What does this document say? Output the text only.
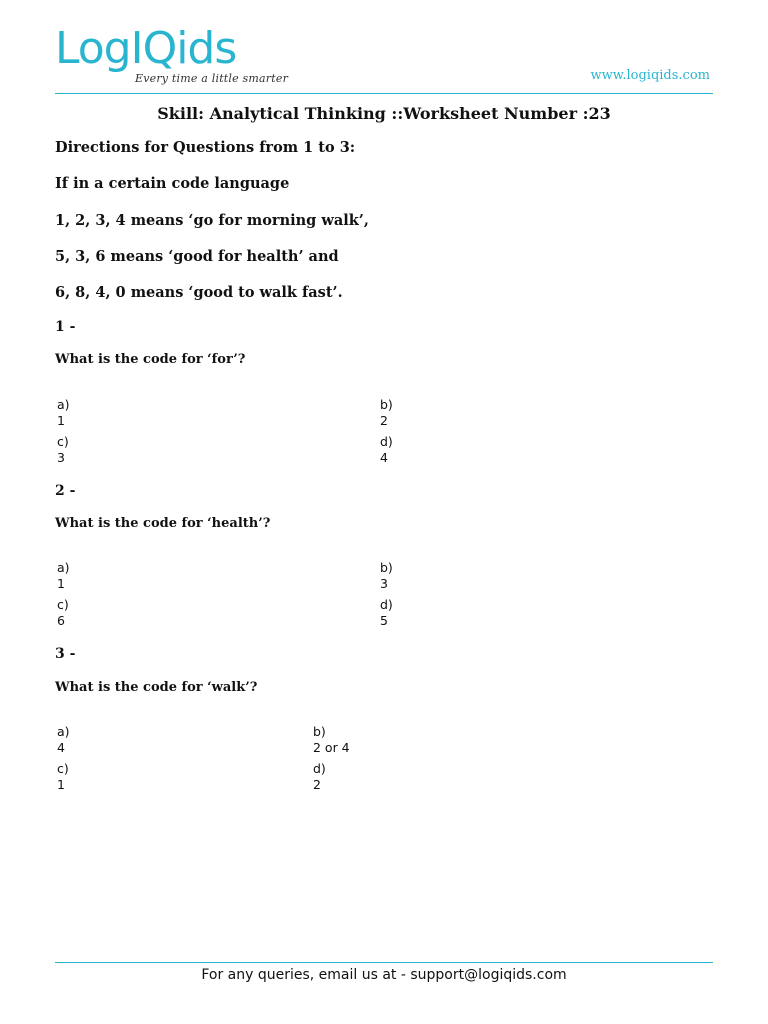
LogIQids
Every time a little smarter	www.logiqids.com
Skill: Analytical Thinking ::Worksheet Number :23
Directions for Questions from 1 to 3:
If in a certain code language
1, 2, 3, 4 means ‘go for morning walk’,
5, 3, 6 means ‘good for health’ and
6, 8, 4, 0 means ‘good to walk fast’.
1 -
What is the code for ‘for’?
a)
1
b)
2
c)
3
d)
4
2 -
What is the code for ‘health’?
a)
1
b)
3
c)
6
d)
5
3 -
What is the code for ‘walk’?
a)
4
b)
2 or 4
c)
1
d)
2
For any queries, email us at - support@logiqids.com
